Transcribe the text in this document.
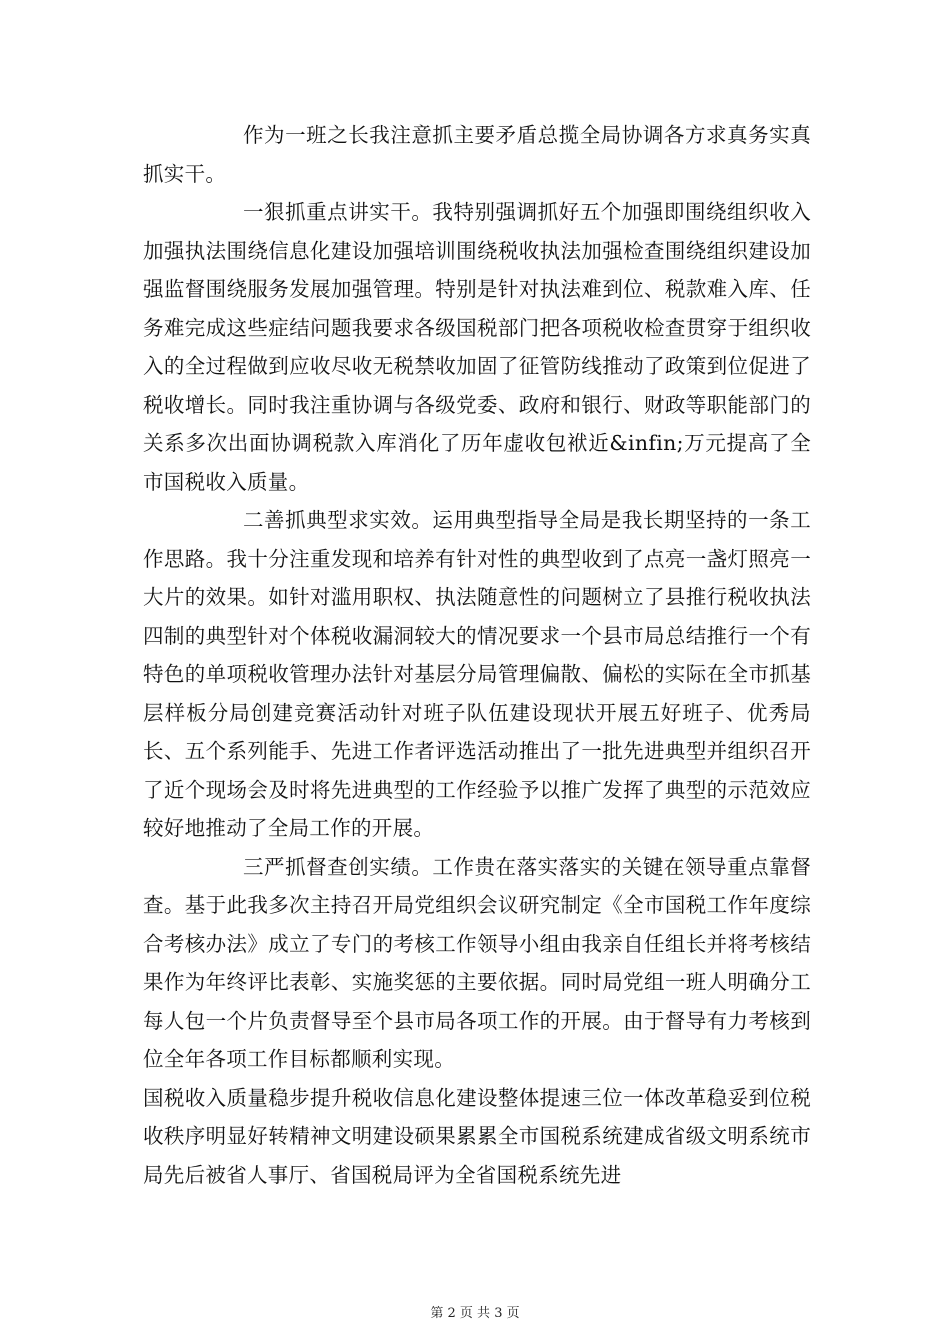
作为一班之长我注意抓主要矛盾总揽全局协调各方求真务实真抓实干。

一狠抓重点讲实干。我特别强调抓好五个加强即围绕组织收入加强执法围绕信息化建设加强培训围绕税收执法加强检查围绕组织建设加强监督围绕服务发展加强管理。特别是针对执法难到位、税款难入库、任务难完成这些症结问题我要求各级国税部门把各项税收检查贯穿于组织收入的全过程做到应收尽收无税禁收加固了征管防线推动了政策到位促进了税收增长。同时我注重协调与各级党委、政府和银行、财政等职能部门的关系多次出面协调税款入库消化了历年虚收包袱近&infin;万元提高了全市国税收入质量。

二善抓典型求实效。运用典型指导全局是我长期坚持的一条工作思路。我十分注重发现和培养有针对性的典型收到了点亮一盏灯照亮一大片的效果。如针对滥用职权、执法随意性的问题树立了县推行税收执法四制的典型针对个体税收漏洞较大的情况要求一个县市局总结推行一个有特色的单项税收管理办法针对基层分局管理偏散、偏松的实际在全市抓基层样板分局创建竞赛活动针对班子队伍建设现状开展五好班子、优秀局长、五个系列能手、先进工作者评选活动推出了一批先进典型并组织召开了近个现场会及时将先进典型的工作经验予以推广发挥了典型的示范效应较好地推动了全局工作的开展。

三严抓督查创实绩。工作贵在落实落实的关键在领导重点靠督查。基于此我多次主持召开局党组织会议研究制定《全市国税工作年度综合考核办法》成立了专门的考核工作领导小组由我亲自任组长并将考核结果作为年终评比表彰、实施奖惩的主要依据。同时局党组一班人明确分工每人包一个片负责督导至个县市局各项工作的开展。由于督导有力考核到位全年各项工作目标都顺利实现。

国税收入质量稳步提升税收信息化建设整体提速三位一体改革稳妥到位税收秩序明显好转精神文明建设硕果累累全市国税系统建成省级文明系统市局先后被省人事厅、省国税局评为全省国税系统先进

第 2 页 共 3 页
